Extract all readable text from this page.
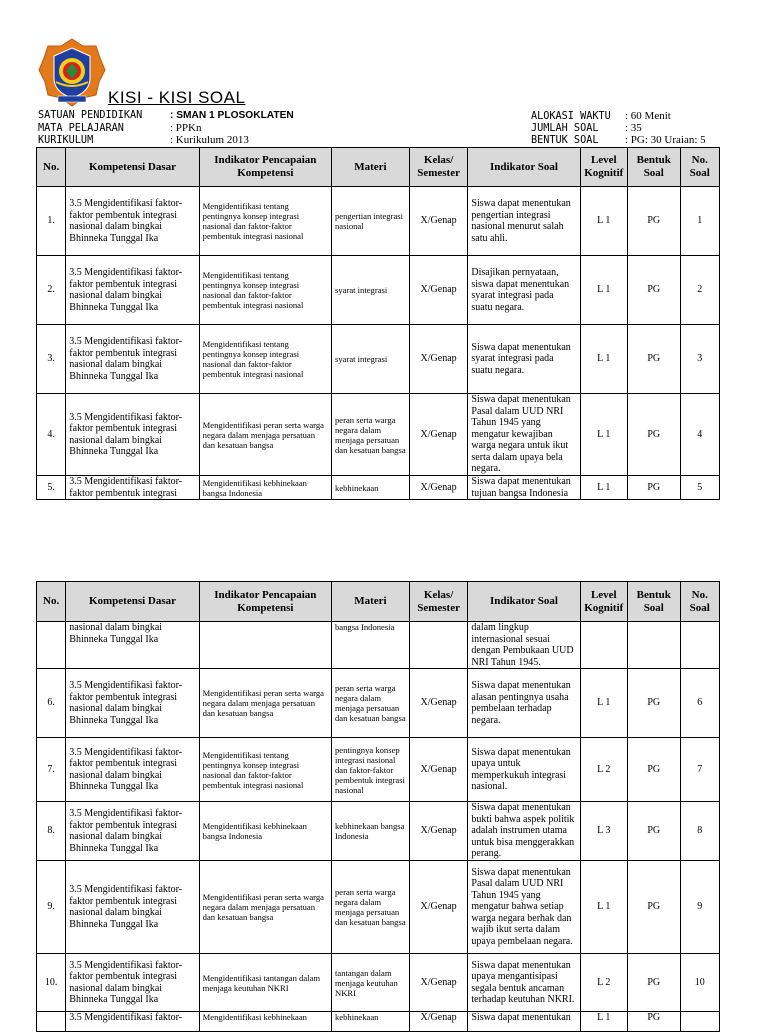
KISI - KISI SOAL
SATUAN PENDIDIKAN	: SMAN 1 PLOSOKLATEN
MATA PELAJARAN	: PPKn
KURIKULUM	: Kurikulum 2013
ALOKASI WAKTU : 60 Menit
JUMLAH SOAL : 35
BENTUK SOAL : PG: 30 Uraian: 5
No.	Kompetensi Dasar	Indikator Pencapaian Kompetensi	Materi	Kelas/ Semester	Indikator Soal	Level Kognitif	Bentuk Soal	No. Soal
1.	3.5 Mengidentifikasi faktor-faktor pembentuk integrasi nasional dalam bingkai Bhinneka Tunggal Ika	Mengidentifikasi tentang pentingnya konsep integrasi nasional dan faktor-faktor pembentuk integrasi nasional	pengertian integrasi nasional	X/Genap	Siswa dapat menentukan pengertian integrasi nasional menurut salah satu ahli.	L 1	PG	1
2.	3.5 Mengidentifikasi faktor-faktor pembentuk integrasi nasional dalam bingkai Bhinneka Tunggal Ika	Mengidentifikasi tentang pentingnya konsep integrasi nasional dan faktor-faktor pembentuk integrasi nasional	syarat integrasi	X/Genap	Disajikan pernyataan, siswa dapat menentukan syarat integrasi pada suatu negara.	L 1	PG	2
3.	3.5 Mengidentifikasi faktor-faktor pembentuk integrasi nasional dalam bingkai Bhinneka Tunggal Ika	Mengidentifikasi tentang pentingnya konsep integrasi nasional dan faktor-faktor pembentuk integrasi nasional	syarat integrasi	X/Genap	Siswa dapat menentukan syarat integrasi pada suatu negara.	L 1	PG	3
4.	3.5 Mengidentifikasi faktor-faktor pembentuk integrasi nasional dalam bingkai Bhinneka Tunggal Ika	Mengidentifikasi peran serta warga negara dalam menjaga persatuan dan kesatuan bangsa	peran serta warga negara dalam menjaga persatuan dan kesatuan bangsa	X/Genap	Siswa dapat menentukan Pasal dalam UUD NRI Tahun 1945 yang mengatur kewajiban warga negara untuk ikut serta dalam upaya bela negara.	L 1	PG	4
5.	3.5 Mengidentifikasi faktor-faktor pembentuk integrasi	Mengidentifikasi kebhinekaan bangsa Indonesia	kebhinekaan	X/Genap	Siswa dapat menentukan tujuan bangsa Indonesia	L 1	PG	5
No.	Kompetensi Dasar	Indikator Pencapaian Kompetensi	Materi	Kelas/ Semester	Indikator Soal	Level Kognitif	Bentuk Soal	No. Soal
	nasional dalam bingkai Bhinneka Tunggal Ika		bangsa Indonesia		dalam lingkup internasional sesuai dengan Pembukaan UUD NRI Tahun 1945.			
6.	3.5 Mengidentifikasi faktor-faktor pembentuk integrasi nasional dalam bingkai Bhinneka Tunggal Ika	Mengidentifikasi peran serta warga negara dalam menjaga persatuan dan kesatuan bangsa	peran serta warga negara dalam menjaga persatuan dan kesatuan bangsa	X/Genap	Siswa dapat menentukan alasan pentingnya usaha pembelaan terhadap negara.	L 1	PG	6
7.	3.5 Mengidentifikasi faktor-faktor pembentuk integrasi nasional dalam bingkai Bhinneka Tunggal Ika	Mengidentifikasi tentang pentingnya konsep integrasi nasional dan faktor-faktor pembentuk integrasi nasional	pentingnya konsep integrasi nasional dan faktor-faktor pembentuk integrasi nasional	X/Genap	Siswa dapat menentukan upaya untuk memperkukuh integrasi nasional.	L 2	PG	7
8.	3.5 Mengidentifikasi faktor-faktor pembentuk integrasi nasional dalam bingkai Bhinneka Tunggal Ika	Mengidentifikasi kebhinekaan bangsa Indonesia	kebhinekaan bangsa Indonesia	X/Genap	Siswa dapat menentukan bukti bahwa aspek politik adalah instrumen utama untuk bisa menggerakkan perang.	L 3	PG	8
9.	3.5 Mengidentifikasi faktor-faktor pembentuk integrasi nasional dalam bingkai Bhinneka Tunggal Ika	Mengidentifikasi peran serta warga negara dalam menjaga persatuan dan kesatuan bangsa	peran serta warga negara dalam menjaga persatuan dan kesatuan bangsa	X/Genap	Siswa dapat menentukan Pasal dalam UUD NRI Tahun 1945 yang mengatur bahwa setiap warga negara berhak dan wajib ikut serta dalam upaya pembelaan negara.	L 1	PG	9
10.	3.5 Mengidentifikasi faktor-faktor pembentuk integrasi nasional dalam bingkai Bhinneka Tunggal Ika	Mengidentifikasi tantangan dalam menjaga keutuhan NKRI	tantangan dalam menjaga keutuhan NKRI	X/Genap	Siswa dapat menentukan upaya mengantisipasi segala bentuk ancaman terhadap keutuhan NKRI.	L 2	PG	10
	3.5 Mengidentifikasi faktor-	Mengidentifikasi kebhinekaan	kebhinekaan	X/Genap	Siswa dapat menentukan	L 1	PG	
